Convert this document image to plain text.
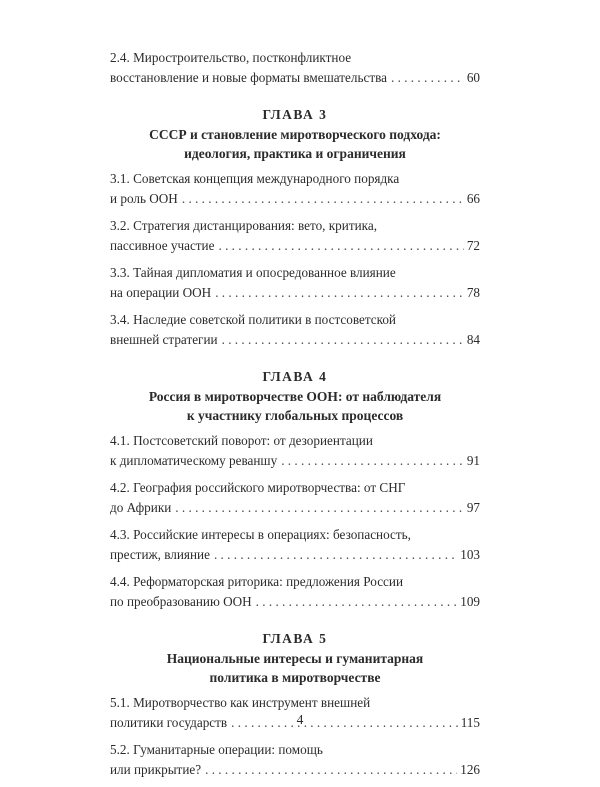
2.4. Миростроительство, постконфликтное
восстановление и новые форматы вмешательства . . .	60
ГЛАВА 3
СССР и становление миротворческого подхода:
идеология, практика и ограничения
3.1. Советская концепция международного порядка
и роль ООН . . .	66
3.2. Стратегия дистанцирования: вето, критика,
пассивное участие . . .	72
3.3. Тайная дипломатия и опосредованное влияние
на операции ООН . . .	78
3.4. Наследие советской политики в постсоветской
внешней стратегии . . .	84
ГЛАВА 4
Россия в миротворчестве ООН: от наблюдателя
к участнику глобальных процессов
4.1. Постсоветский поворот: от дезориентации
к дипломатическому реваншу . . .	91
4.2. География российского миротворчества: от СНГ
до Африки . . .	97
4.3. Российские интересы в операциях: безопасность,
престиж, влияние . . .	103
4.4. Реформаторская риторика: предложения России
по преобразованию ООН . . .	109
ГЛАВА 5
Национальные интересы и гуманитарная
политика в миротворчестве
5.1. Миротворчество как инструмент внешней
политики государств . . .	115
5.2. Гуманитарные операции: помощь
или прикрытие? . . .	126
4
